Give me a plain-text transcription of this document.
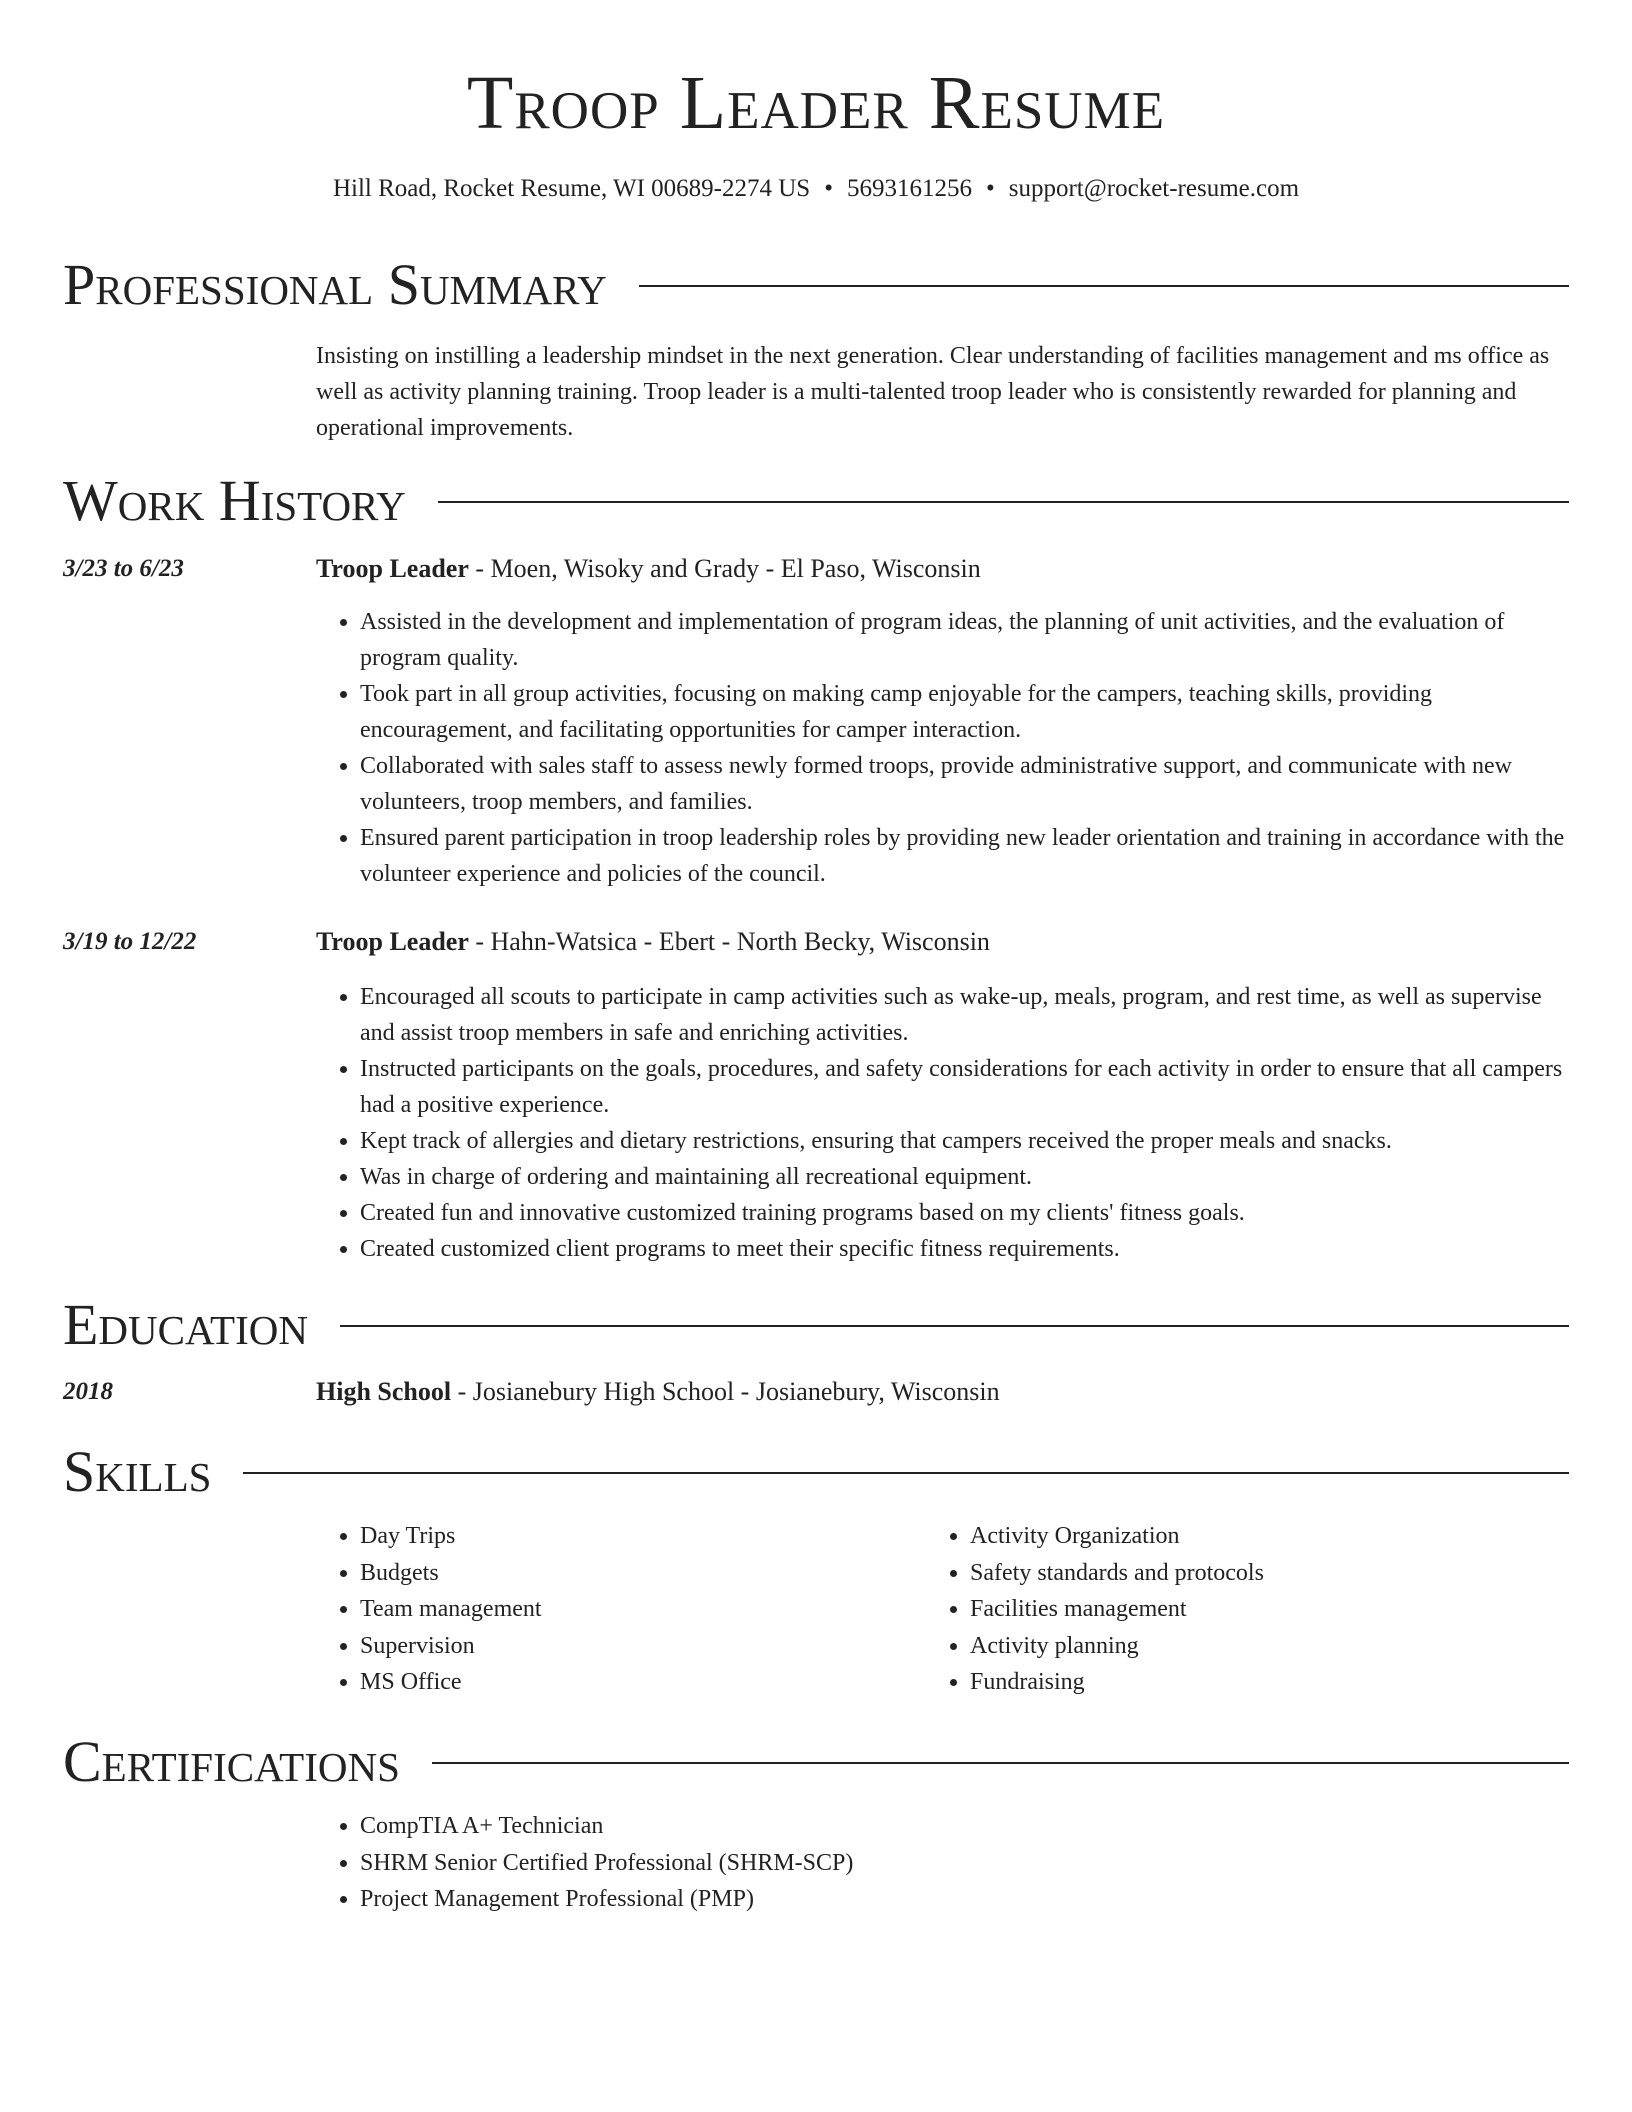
Troop Leader Resume
Hill Road, Rocket Resume, WI 00689-2274 US • 5693161256 • support@rocket-resume.com
Professional Summary

Insisting on instilling a leadership mindset in the next generation. Clear understanding of facilities management and ms office as well as activity planning training. Troop leader is a multi-talented troop leader who is consistently rewarded for planning and operational improvements.

Work History
3/23 to 6/23	Troop Leader - Moen, Wisoky and Grady - El Paso, Wisconsin
• Assisted in the development and implementation of program ideas, the planning of unit activities, and the evaluation of program quality.
• Took part in all group activities, focusing on making camp enjoyable for the campers, teaching skills, providing encouragement, and facilitating opportunities for camper interaction.
• Collaborated with sales staff to assess newly formed troops, provide administrative support, and communicate with new volunteers, troop members, and families.
• Ensured parent participation in troop leadership roles by providing new leader orientation and training in accordance with the volunteer experience and policies of the council.
3/19 to 12/22	Troop Leader - Hahn-Watsica - Ebert - North Becky, Wisconsin
• Encouraged all scouts to participate in camp activities such as wake-up, meals, program, and rest time, as well as supervise and assist troop members in safe and enriching activities.
• Instructed participants on the goals, procedures, and safety considerations for each activity in order to ensure that all campers had a positive experience.
• Kept track of allergies and dietary restrictions, ensuring that campers received the proper meals and snacks.
• Was in charge of ordering and maintaining all recreational equipment.
• Created fun and innovative customized training programs based on my clients' fitness goals.
• Created customized client programs to meet their specific fitness requirements.
Education
2018	High School - Josianebury High School - Josianebury, Wisconsin
Skills
• Day Trips
• Budgets
• Team management
• Supervision
• MS Office
• Activity Organization
• Safety standards and protocols
• Facilities management
• Activity planning
• Fundraising
Certifications
• CompTIA A+ Technician
• SHRM Senior Certified Professional (SHRM-SCP)
• Project Management Professional (PMP)
